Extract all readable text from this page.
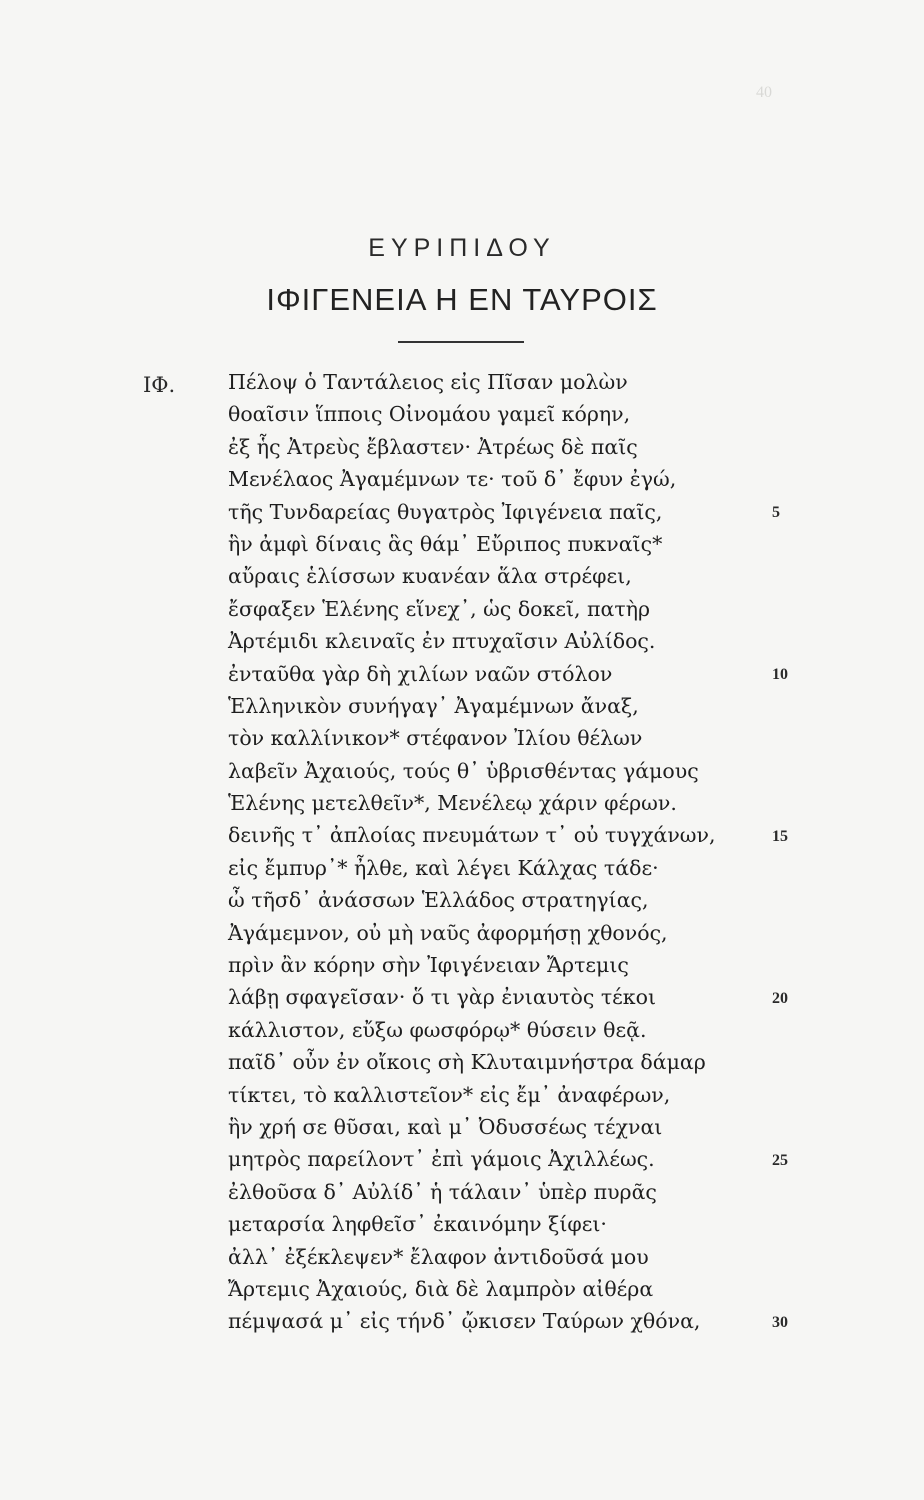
40
ΕΥΡΙΠΙΔΟΥ
ΙΦΙΓΕΝΕΙΑ Η ΕΝ ΤΑΥΡΟΙΣ
ΙΦ.	Πέλοψ ὁ Ταντάλειος εἰς Πῖσαν μολὼν
θοαῖσιν ἵπποις Οἰνομάου γαμεῖ κόρην,
ἐξ ἧς Ἀτρεὺς ἔβλαστεν· Ἀτρέως δὲ παῖς
Μενέλαος Ἀγαμέμνων τε· τοῦ δ᾽ ἔφυν ἐγώ,
τῆς Τυνδαρείας θυγατρὸς Ἰφιγένεια παῖς,
ἣν ἀμφὶ δίναις ἃς θάμ᾽ Εὔριπος πυκναῖς*
αὔραις ἑλίσσων κυανέαν ἅλα στρέφει,
ἔσφαξεν Ἑλένης εἵνεχ᾽, ὡς δοκεῖ, πατὴρ
Ἀρτέμιδι κλειναῖς ἐν πτυχαῖσιν Αὐλίδος.
ἐνταῦθα γὰρ δὴ χιλίων ναῶν στόλον
Ἑλληνικὸν συνήγαγ᾽ Ἀγαμέμνων ἄναξ,
τὸν καλλίνικον* στέφανον Ἰλίου θέλων
λαβεῖν Ἀχαιούς, τούς θ᾽ ὑβρισθέντας γάμους
Ἑλένης μετελθεῖν*, Μενέλεῳ χάριν φέρων.
δεινῆς τ᾽ ἀπλοίας πνευμάτων τ᾽ οὐ τυγχάνων,
εἰς ἔμπυρ᾽* ἦλθε, καὶ λέγει Κάλχας τάδε·
ὦ τῆσδ᾽ ἀνάσσων Ἑλλάδος στρατηγίας,
Ἀγάμεμνον, οὐ μὴ ναῦς ἀφορμήσῃ χθονός,
πρὶν ἂν κόρην σὴν Ἰφιγένειαν Ἄρτεμις
λάβῃ σφαγεῖσαν· ὅ τι γὰρ ἐνιαυτὸς τέκοι
κάλλιστον, εὔξω φωσφόρῳ* θύσειν θεᾷ.
παῖδ᾽ οὖν ἐν οἴκοις σὴ Κλυταιμνήστρα δάμαρ
τίκτει, τὸ καλλιστεῖον* εἰς ἔμ᾽ ἀναφέρων,
ἣν χρή σε θῦσαι, καὶ μ᾽ Ὀδυσσέως τέχναι
μητρὸς παρείλοντ᾽ ἐπὶ γάμοις Ἀχιλλέως.
ἐλθοῦσα δ᾽ Αὐλίδ᾽ ἡ τάλαιν᾽ ὑπὲρ πυρᾶς
μεταρσία ληφθεῖσ᾽ ἐκαινόμην ξίφει·
ἀλλ᾽ ἐξέκλεψεν* ἔλαφον ἀντιδοῦσά μου
Ἄρτεμις Ἀχαιούς, διὰ δὲ λαμπρὸν αἰθέρα
πέμψασά μ᾽ εἰς τήνδ᾽ ᾤκισεν Ταύρων χθόνα,
5
10
15
20
25
30
